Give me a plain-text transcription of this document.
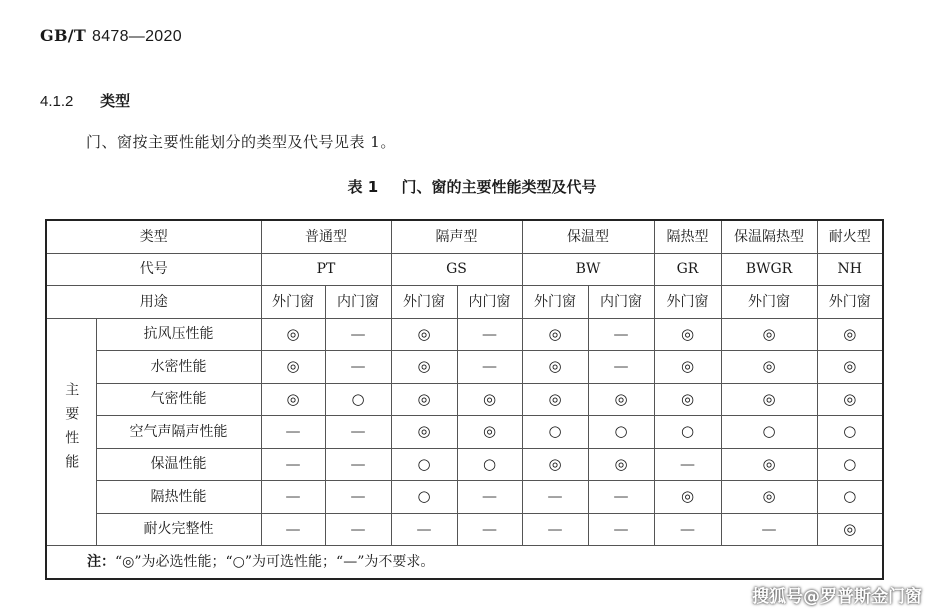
GB/T 8478—2020
4.1.2 类型
门、窗按主要性能划分的类型及代号见表 1。
表 1 门、窗的主要性能类型及代号
类型		普通型		隔声型		保温型		隔热型	保温隔热型	耐火型
代号		PT		GS		BW		GR	BWGR	NH
用途		外门窗	内门窗	外门窗	内门窗	外门窗	内门窗	外门窗	外门窗	外门窗
主要性能	抗风压性能	◎	—	◎	—	◎	—	◎	◎	◎
	水密性能	◎	—	◎	—	◎	—	◎	◎	◎
	气密性能	◎	○	◎	◎	◎	◎	◎	◎	◎
	空气声隔声性能	—	—	◎	◎	○	○	○	○	○
	保温性能	—	—	○	○	◎	◎	—	◎	○
	隔热性能	—	—	○	—	—	—	◎	◎	○
	耐火完整性	—	—	—	—	—	—	—	—	◎
注：“◎”为必选性能；“○”为可选性能；“—”为不要求。										
搜狐号@罗普斯金门窗
